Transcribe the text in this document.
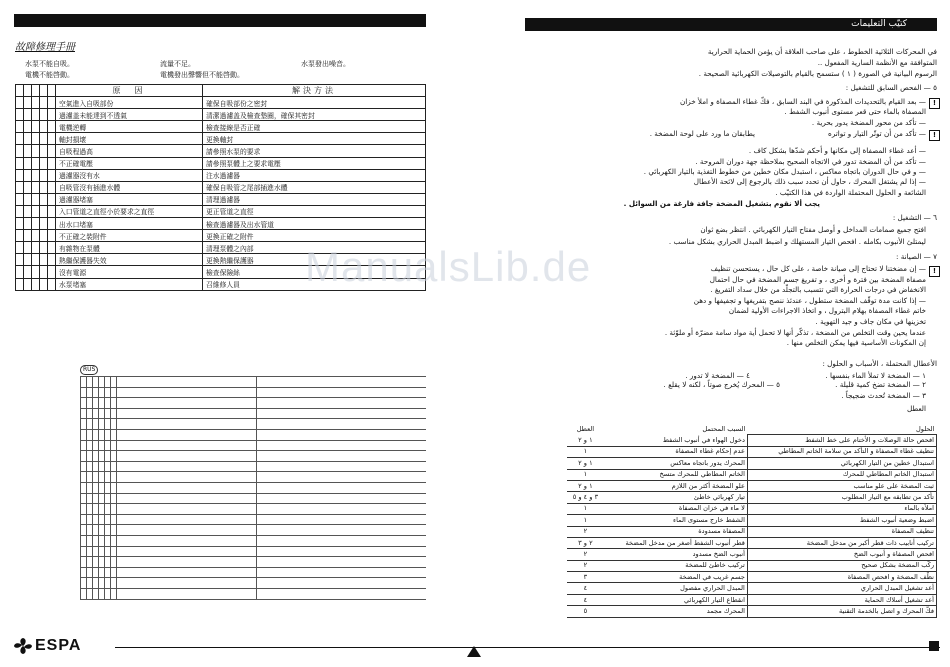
故障修理手冊
水泵不能自吸。
電機不能啓動。
流量不足。
電機發出聲響但不能啓動。
水泵發出噪音。
					原　因	解決方法
					空氣進入自吸部份	確保自吸部份之密封
					過濾盖未能達到不透氣	清潔過濾盖及檢查墊圈，確保其密封
					電機逆轉	檢查接線是否正確
					軸封損壞	更換軸封
					自吸程過高	請參照水泵的要求
					不正確電壓	請參照泵體上之要求電壓
					過濾器沒有水	注水過濾器
					自吸管沒有插進水體	確保自吸管之尾部插進水體
					過濾器堵塞	清理過濾器
					入口管道之直徑小於要求之直徑	更正管道之直徑
					出水口堵塞	檢查過濾器及出水管道
					不正確之裝附件	更換正確之附件
					有雜物在泵體	清理泵體之內部
					熱繼保護器失效	更換熱繼保護器
					沒有電源	檢查保險絲
					水泵堵塞	召維修人員
RUS
ESPA
كتيّب التعليمات
ManualsLib.de
في المحركات الثلاثية الخطوط ، على صاحب العلاقة أن يؤمن الحماية الحرارية
المتوافقة مع الأنظمة السارية المفعول ..
الرسوم البيانية في الصورة ( ١ ) ستسمح بالقيام بالتوصيلات الكهربائية الصحيحة .
٥ — الفحص السابق للتشغيل :
— بعد القيام بالتحديدات المذكورة في البند السابق ، فكّ غطاء المصفاة و املأ خزان
المصفاة بالماء حتى قعر مستوى أنبوب الشفط .
— تأكد من محور المضخة يدور بحرية .
— تأكد من أن توتّر التيار و تواتره
يطابقان ما ورد على لوحة المضخة .
— أعد غطاء المصفاة إلى مكانها و أحكم شدّها بشكل كاف .
— تأكد من أن المضخة تدور في الاتجاه الصحيح بملاحظة جهة دوران المروحة .
— و في حال الدوران باتجاه معاكس ، استبدل مكان خطين من خطوط التغذية بالتيار الكهربائي .
— إذا لم يشتغل المحرك ، حاول أن تحدد سبب ذلك بالرجوع إلى لائحة الأعطال
الشائعة و الحلول المحتملة الواردة في هذا الكتيّب .
يجب ألا نقوم بتشغيل المضخة جافة فارغة من السوائل .
٦ — التشغيل :
افتح جميع صمامات المداخل و أوصل مفتاح التيار الكهربائي . انتظر بضع ثوان
ليمتلئ الأنبوب بكامله . افحص التيار المستهلك و اضبط المبدل الحراري بشكل مناسب .
٧ — الصيانة :
— إن مضختنا لا تحتاج إلى صيانة خاصة ، على كل حال ، يستحسن تنظيف
مصفاة المضخة بين فترة و أخرى ، و تفريغ جسم المضخة في حال احتمال
الانخفاض في درجات الحرارة التي تتسبب بالتجلّد من خلال سداد التفريغ .
— إذا كانت مدة توقّف المضخة ستطول ، عندئذ ننصح بتفريغها و تجفيفها و دهن
خاتم غطاء المصفاة بهلام البترول ، و اتخاذ الاجراءات الأولية لضمان
تخزينها في مكان جاف و جيد التهوية .
عندما يحين وقت التخلص من المضخة ، تذكّر أنها لا تحمل أية مواد سامة مضرّة أو ملوّثة .
إن المكونات الأساسية فيها يمكن التخلص منها .
الأعطال المحتملة ، الأسباب و الحلول :
١ — المضخة لا تملأ الماء بنفسها .
٤ — المضخة لا تدور .
٢ — المضخة تضخ كمية قليلة .
٥ — المحرك يُخرج صوتاً ، لكنه لا يقلع .
٣ — المضخة تُحدث ضجيجاً .
العطل
!
!
!
الحلول	السبب المحتمل	العطل
افحص حالة الوصلات و الأختام على خط الشفط	دخول الهواء في أنبوب الشفط	١ و ٢
تنظيف غطاء المصفاة و التأكد من سلامة الخاتم المطاطي	عدم إحكام غطاء المصفاة	١
استبدال خطين من التيار الكهربائي	المحرك يدور باتجاه معاكس	١ و ٢
استبدال الخاتم المطاطي للمحرك	الخاتم المطاطي للمحرك متسخ	١
ثبت المضخة على علو مناسب	علو المضخة أكثر من اللازم	١ و ٢
تأكد من تطابقه مع التيار المطلوب	تيار كهربائي خاطئ	٣ و ٤ و ٥
املأه بالماء	لا ماء في خزان المصفاة	١
اضبط وضعية أنبوب الشفط	الشفط خارج مستوى الماء	١
تنظيف المصفاة	المصفاة مسدودة	٢
تركيب أنابيب ذات قطر أكبر من مدخل المضخة	قطر أنبوب الشفط أصغر من مدخل المضخة	٢ و ٣
افحص المصفاة و أنبوب الضخ	أنبوب الضخ مسدود	٢
ركّب المضخة بشكل صحيح	تركيب خاطئ للمضخة	٢
نظّف المضخة و افحص المصفاة	جسم غريب في المضخة	٣
أعد تشغيل المبدل الحراري	المبدل الحراري مفصول	٤
أعد تشغيل أسلاك الحماية	انقطاع التيار الكهربائي	٤
فكّ المحرك و اتصل بالخدمة التقنية	المحرك مجمد	٥
